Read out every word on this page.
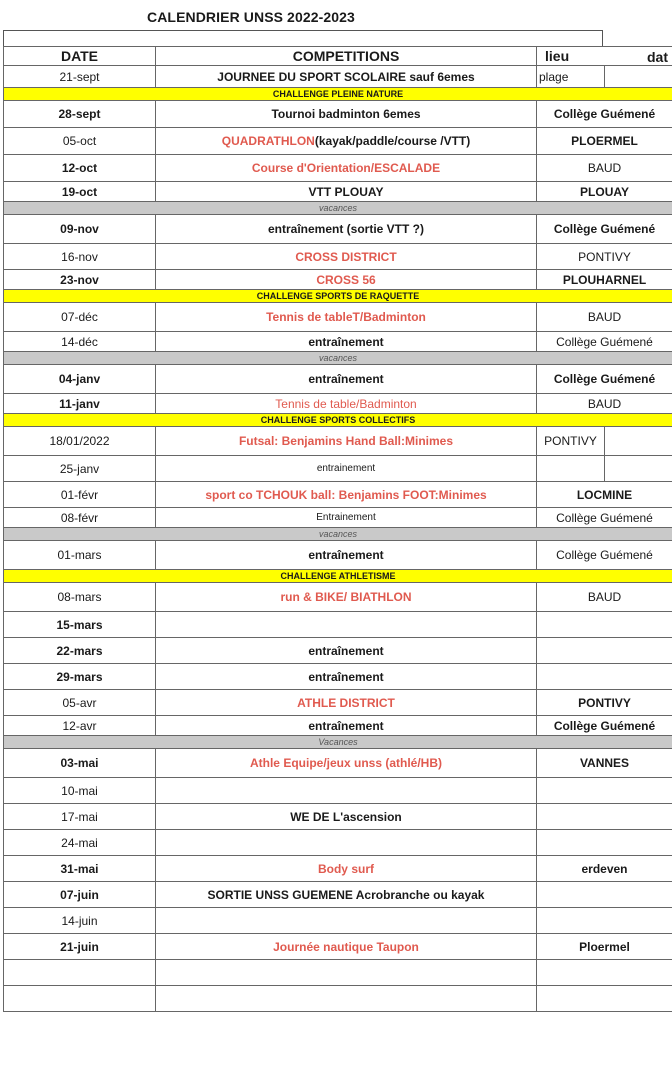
CALENDRIER UNSS 2022-2023
DATE	COMPETITIONS	lieu	dat
21-sept	JOURNEE DU SPORT SCOLAIRE sauf 6emes	plage
CHALLENGE PLEINE NATURE
28-sept	Tournoi badminton 6emes	Collège Guémené
05-oct	QUADRATHLON (kayak/paddle/course /VTT)	PLOERMEL
12-oct	Course d'Orientation/ESCALADE	BAUD
19-oct	VTT PLOUAY	PLOUAY
vacances
09-nov	entraînement (sortie VTT ?)	Collège Guémené
16-nov	CROSS DISTRICT	PONTIVY
23-nov	CROSS 56	PLOUHARNEL
CHALLENGE SPORTS DE RAQUETTE
07-déc	Tennis de tableT/Badminton	BAUD
14-déc	entraînement	Collège Guémené
vacances
04-janv	entraînement	Collège Guémené
11-janv	Tennis de table/Badminton	BAUD
CHALLENGE SPORTS COLLECTIFS
18/01/2022	Futsal: Benjamins Hand Ball:Minimes	PONTIVY
25-janv	entrainement
01-févr	sport co TCHOUK ball: Benjamins FOOT:Minimes	LOCMINE
08-févr	Entrainement	Collège Guémené
vacances
01-mars	entraînement	Collège Guémené
CHALLENGE ATHLETISME
08-mars	run & BIKE/ BIATHLON	BAUD
15-mars
22-mars	entraînement
29-mars	entraînement
05-avr	ATHLE DISTRICT	PONTIVY
12-avr	entraînement	Collège Guémené
Vacances
03-mai	Athle Equipe/jeux unss (athlé/HB)	VANNES
10-mai
17-mai	WE DE L'ascension
24-mai
31-mai	Body surf	erdeven
07-juin	SORTIE UNSS GUEMENE Acrobranche ou kayak
14-juin
21-juin	Journée nautique Taupon	Ploermel
